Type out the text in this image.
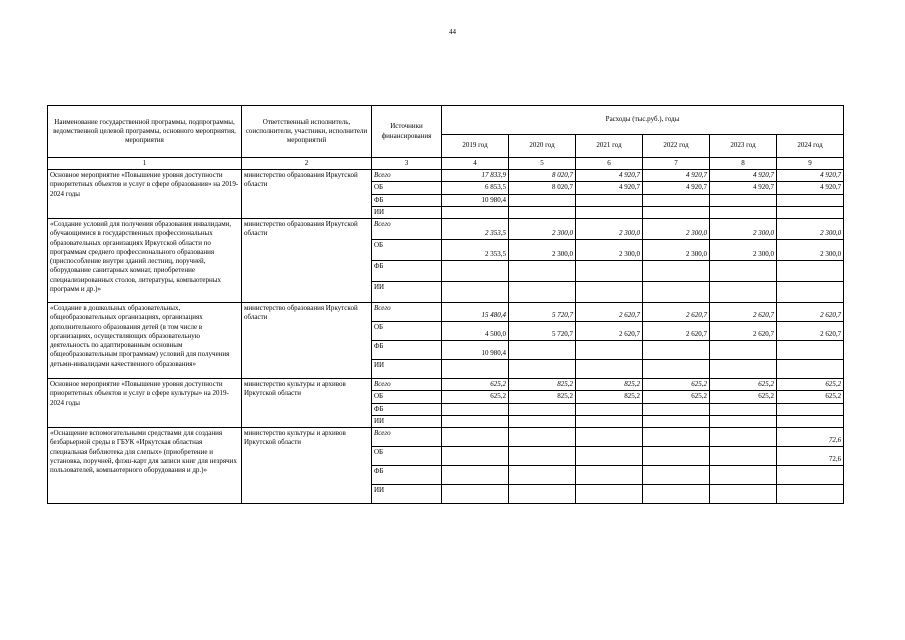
44
Наименование государственной программы, подпрограммы, ведомственной целевой программы, основного мероприятия, мероприятия	Ответственный исполнитель, соисполнители, участники, исполнители мероприятий	Источники финансирования	Расходы (тыс.руб.), годы					
			2019 год	2020 год	2021 год	2022 год	2023 год	2024 год
1	2	3	4	5	6	7	8	9
Основное мероприятие «Повышение уровня доступности приоритетных объектов и услуг в сфере образования» на 2019-2024 годы	министерство образования Иркутской области	Всего	17 833,9	8 020,7	4 920,7	4 920,7	4 920,7	4 920,7
		ОБ	6 853,5	8 020,7	4 920,7	4 920,7	4 920,7	4 920,7
		ФБ	10 980,4					
		ИИ						
«Создание условий для получения образования инвалидами, обучающимися в государственных профессиональных образовательных организациях Иркутской области по программам среднего профессионального образования (приспособление внутри зданий лестниц, поручней, оборудование санитарных комнат, приобретение специализированных столов, литературы, компьютерных программ и др.)»	министерство образования Иркутской области	Всего	2 353,5	2 300,0	2 300,0	2 300,0	2 300,0	2 300,0
		ОБ	2 353,5	2 300,0	2 300,0	2 300,0	2 300,0	2 300,0
		ФБ						
		ИИ						
«Создание в дошкольных образовательных, общеобразовательных организациях, организациях дополнительного образования детей (в том числе в организациях, осуществляющих образовательную деятельность по адаптированным основным общеобразовательным программам) условий для получения детьми-инвалидами качественного образования»	министерство образования Иркутской области	Всего	15 480,4	5 720,7	2 620,7	2 620,7	2 620,7	2 620,7
		ОБ	4 500,0	5 720,7	2 620,7	2 620,7	2 620,7	2 620,7
		ФБ	10 980,4					
		ИИ						
Основное мероприятие «Повышение уровня доступности приоритетных объектов и услуг в сфере культуры» на 2019-2024 годы	министерство культуры и архивов Иркутской области	Всего	625,2	825,2	825,2	625,2	625,2	625,2
		ОБ	625,2	825,2	825,2	625,2	625,2	625,2
		ФБ						
		ИИ						
«Оснащение вспомогательными средствами для создания безбарьерной среды в ГБУК «Иркутская областная специальная библиотека для слепых» (приобретение и установка, поручней, флэш-карт для записи книг для незрячих пользователей, компьютерного оборудования и др.)»	министерство культуры и архивов Иркутской области	Всего						72,6
		ОБ						72,6
		ФБ						
		ИИ						
